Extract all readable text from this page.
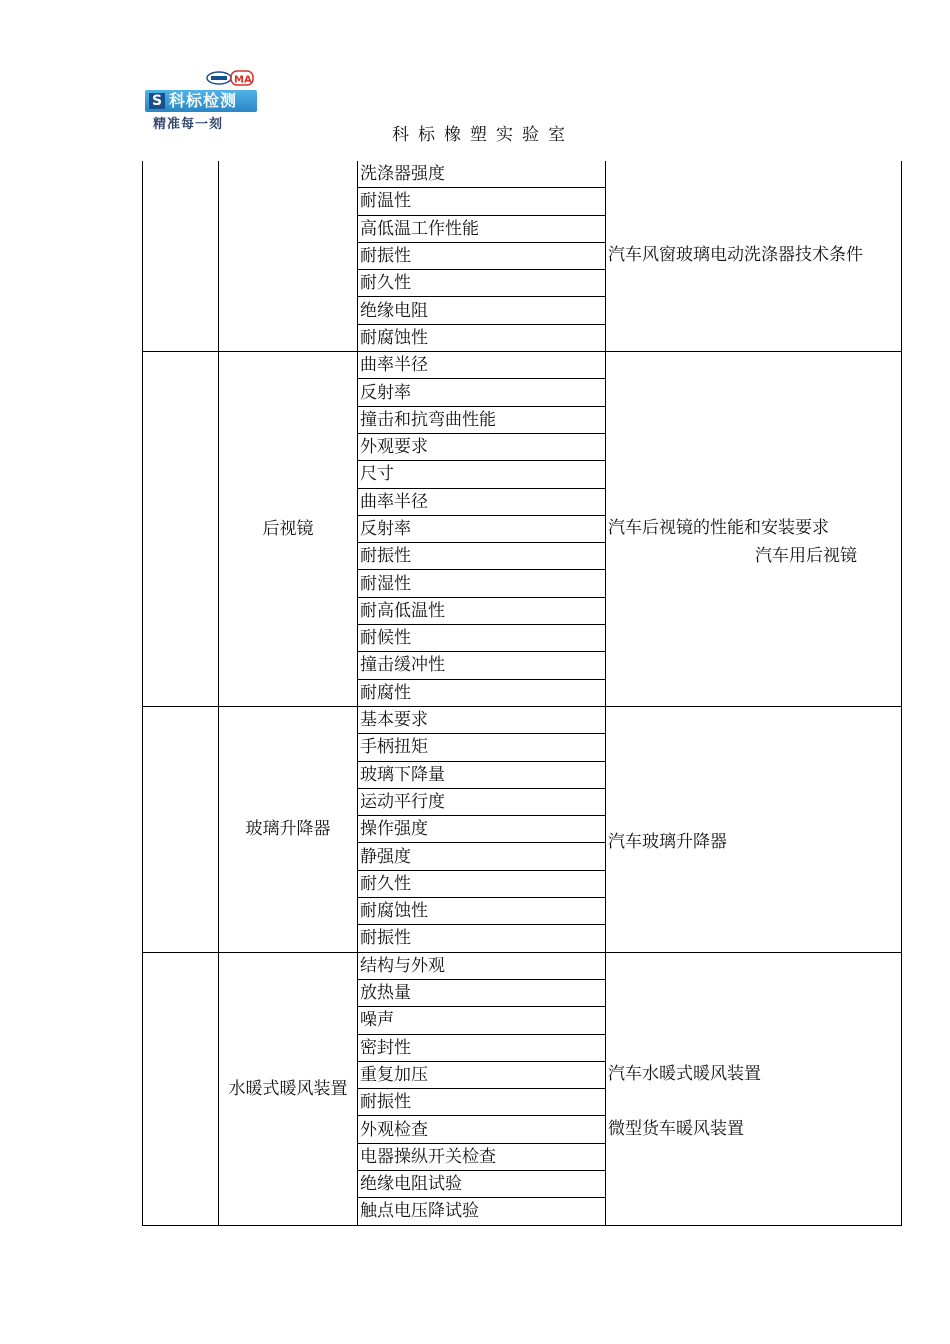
MA
S 科标检测
精准每一刻
科标橡塑实验室
		洗涤器强度	汽车风窗玻璃电动洗涤器技术条件

		耐温性	
		高低温工作性能	
		耐振性	
		耐久性	
		绝缘电阻	
		耐腐蚀性	
	后视镜	曲率半径	汽车后视镜的性能和安装要求
汽车用后视镜

		反射率	
		撞击和抗弯曲性能	
		外观要求	
		尺寸	
		曲率半径	
		反射率	
		耐振性	
		耐湿性	
		耐高低温性	
		耐候性	
		撞击缓冲性	
		耐腐性	
	玻璃升降器	基本要求	汽车玻璃升降器

		手柄扭矩	
		玻璃下降量	
		运动平行度	
		操作强度	
		静强度	
		耐久性	
		耐腐蚀性	
		耐振性	
	水暖式暖风装置	结构与外观	汽车水暖式暖风装置

微型货车暖风装置

		放热量	
		噪声	
		密封性	
		重复加压	
		耐振性	
		外观检查	
		电器操纵开关检查	
		绝缘电阻试验	
		触点电压降试验	
